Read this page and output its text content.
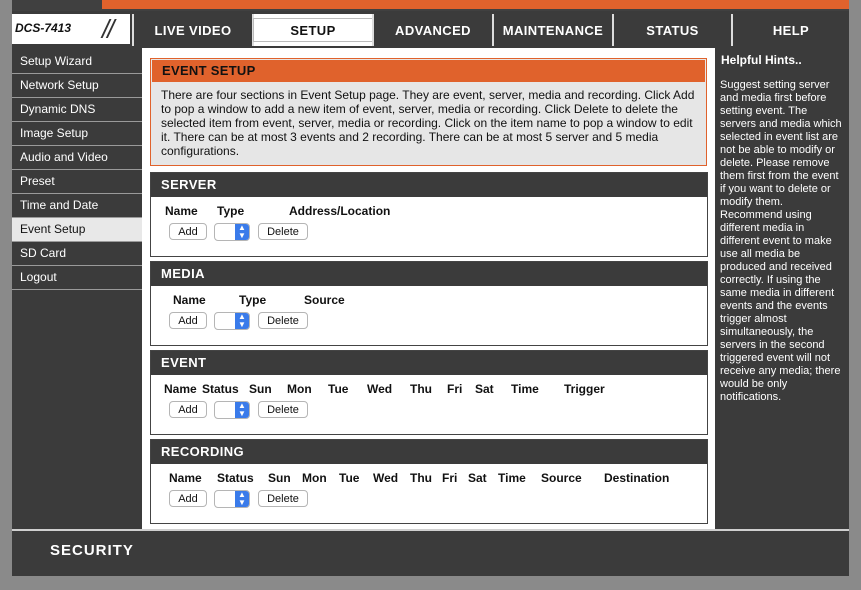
DCS-7413 //	LIVE VIDEO	SETUP	ADVANCED MAINTENANCE	STATUS	HELP
Setup Wizard
Network Setup
Dynamic DNS
Image Setup
Audio and Video
Preset
Time and Date
Event Setup
SD Card
Logout
EVENT SETUP
There are four sections in Event Setup page. They are event, server, media and recording. Click Add to pop a window to add a new item of event, server, media or recording. Click Delete to delete the selected item from event, server, media or recording. Click on the item name to pop a window to edit it. There can be at most 3 events and 2 recording. There can be at most 5 server and 5 media configurations.
SERVER
Name Type	Address/Location
Add	▲
▼	Delete
MEDIA
Name	Type	Source
Add	▲
▼	Delete
EVENT
Name Status Sun Mon Tue Wed Thu Fri Sat Time Trigger
Add	▲
▼	Delete
RECORDING
Name Status Sun Mon Tue Wed Thu Fri Sat Time Source Destination
Add	▲
▼	Delete
Helpful Hints..
Suggest setting server and media first before setting event. The servers and media which selected in event list are not be able to modify or delete. Please remove them first from the event if you want to delete or modify them. Recommend using different media in different event to make use all media be produced and received correctly. If using the same media in different events and the events trigger almost simultaneously, the servers in the second triggered event will not receive any media; there would be only notifications.
SECURITY
